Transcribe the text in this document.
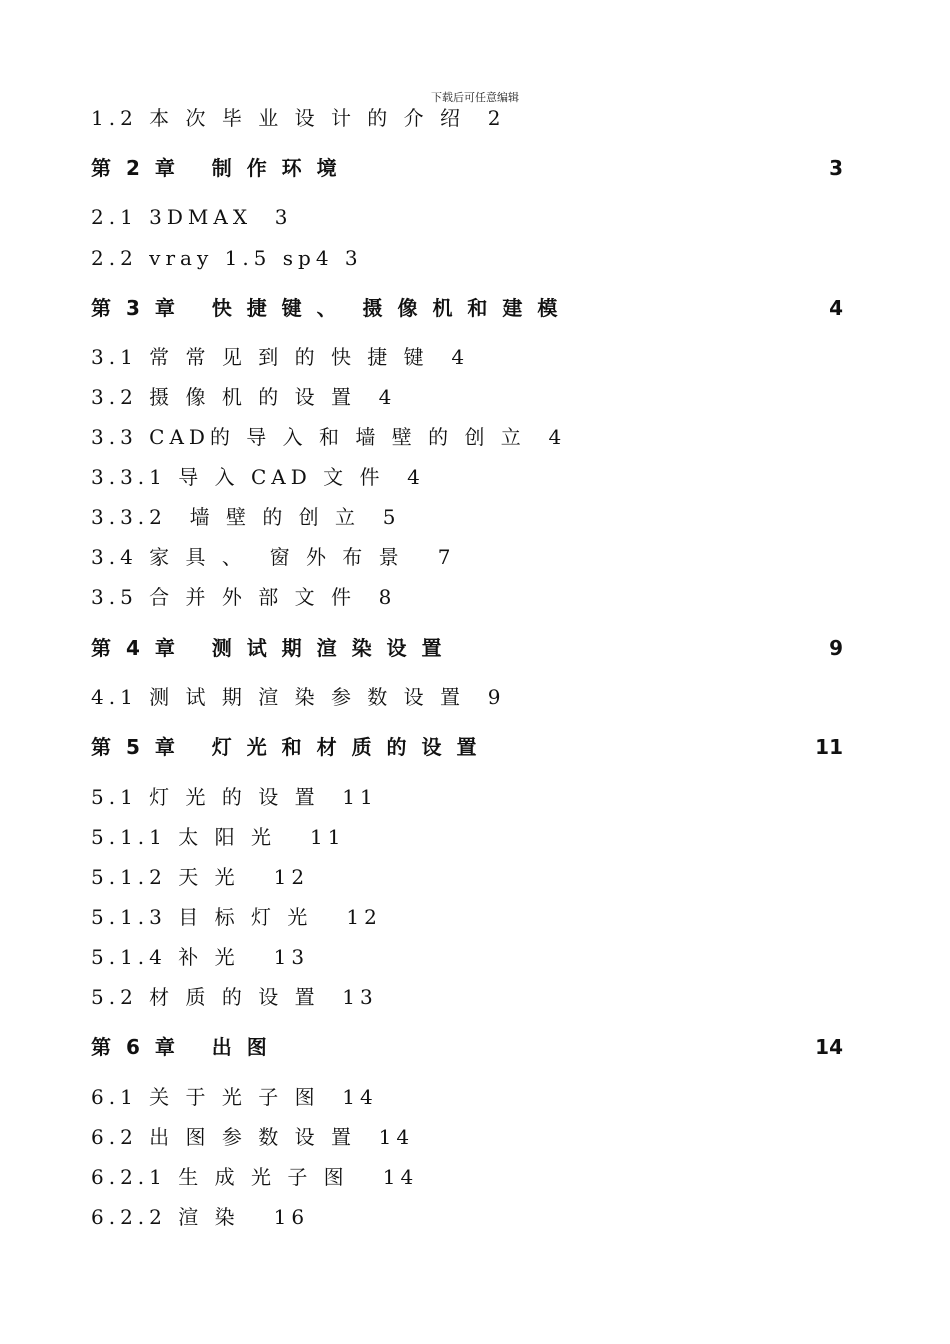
下载后可任意编辑
1.2 本 次 毕 业 设 计 的 介 绍  2
第 2 章   制 作 环 境	3
2.1 3DMAX  3
2.2 vray 1.5 sp4 3
第 3 章   快 捷 键 、  摄 像 机 和 建 模	4
3.1 常 常 见 到 的 快 捷 键  4
3.2 摄 像 机 的 设 置  4
3.3 CAD的 导 入 和 墙 壁 的 创 立  4
3.3.1 导 入 CAD 文 件  4
3.3.2  墙 壁 的 创 立  5
3.4 家 具 、  窗 外 布 景   7
3.5 合 并 外 部 文 件  8
第 4 章   测 试 期 渲 染 设 置	9
4.1 测 试 期 渲 染 参 数 设 置  9
第 5 章   灯 光 和 材 质 的 设 置	11
5.1 灯 光 的 设 置  11
5.1.1 太 阳 光   11
5.1.2 天 光   12
5.1.3 目 标 灯 光   12
5.1.4 补 光   13
5.2 材 质 的 设 置  13
第 6 章   出 图	14
6.1 关 于 光 子 图  14
6.2 出 图 参 数 设 置  14
6.2.1 生 成 光 子 图   14
6.2.2 渲 染   16
